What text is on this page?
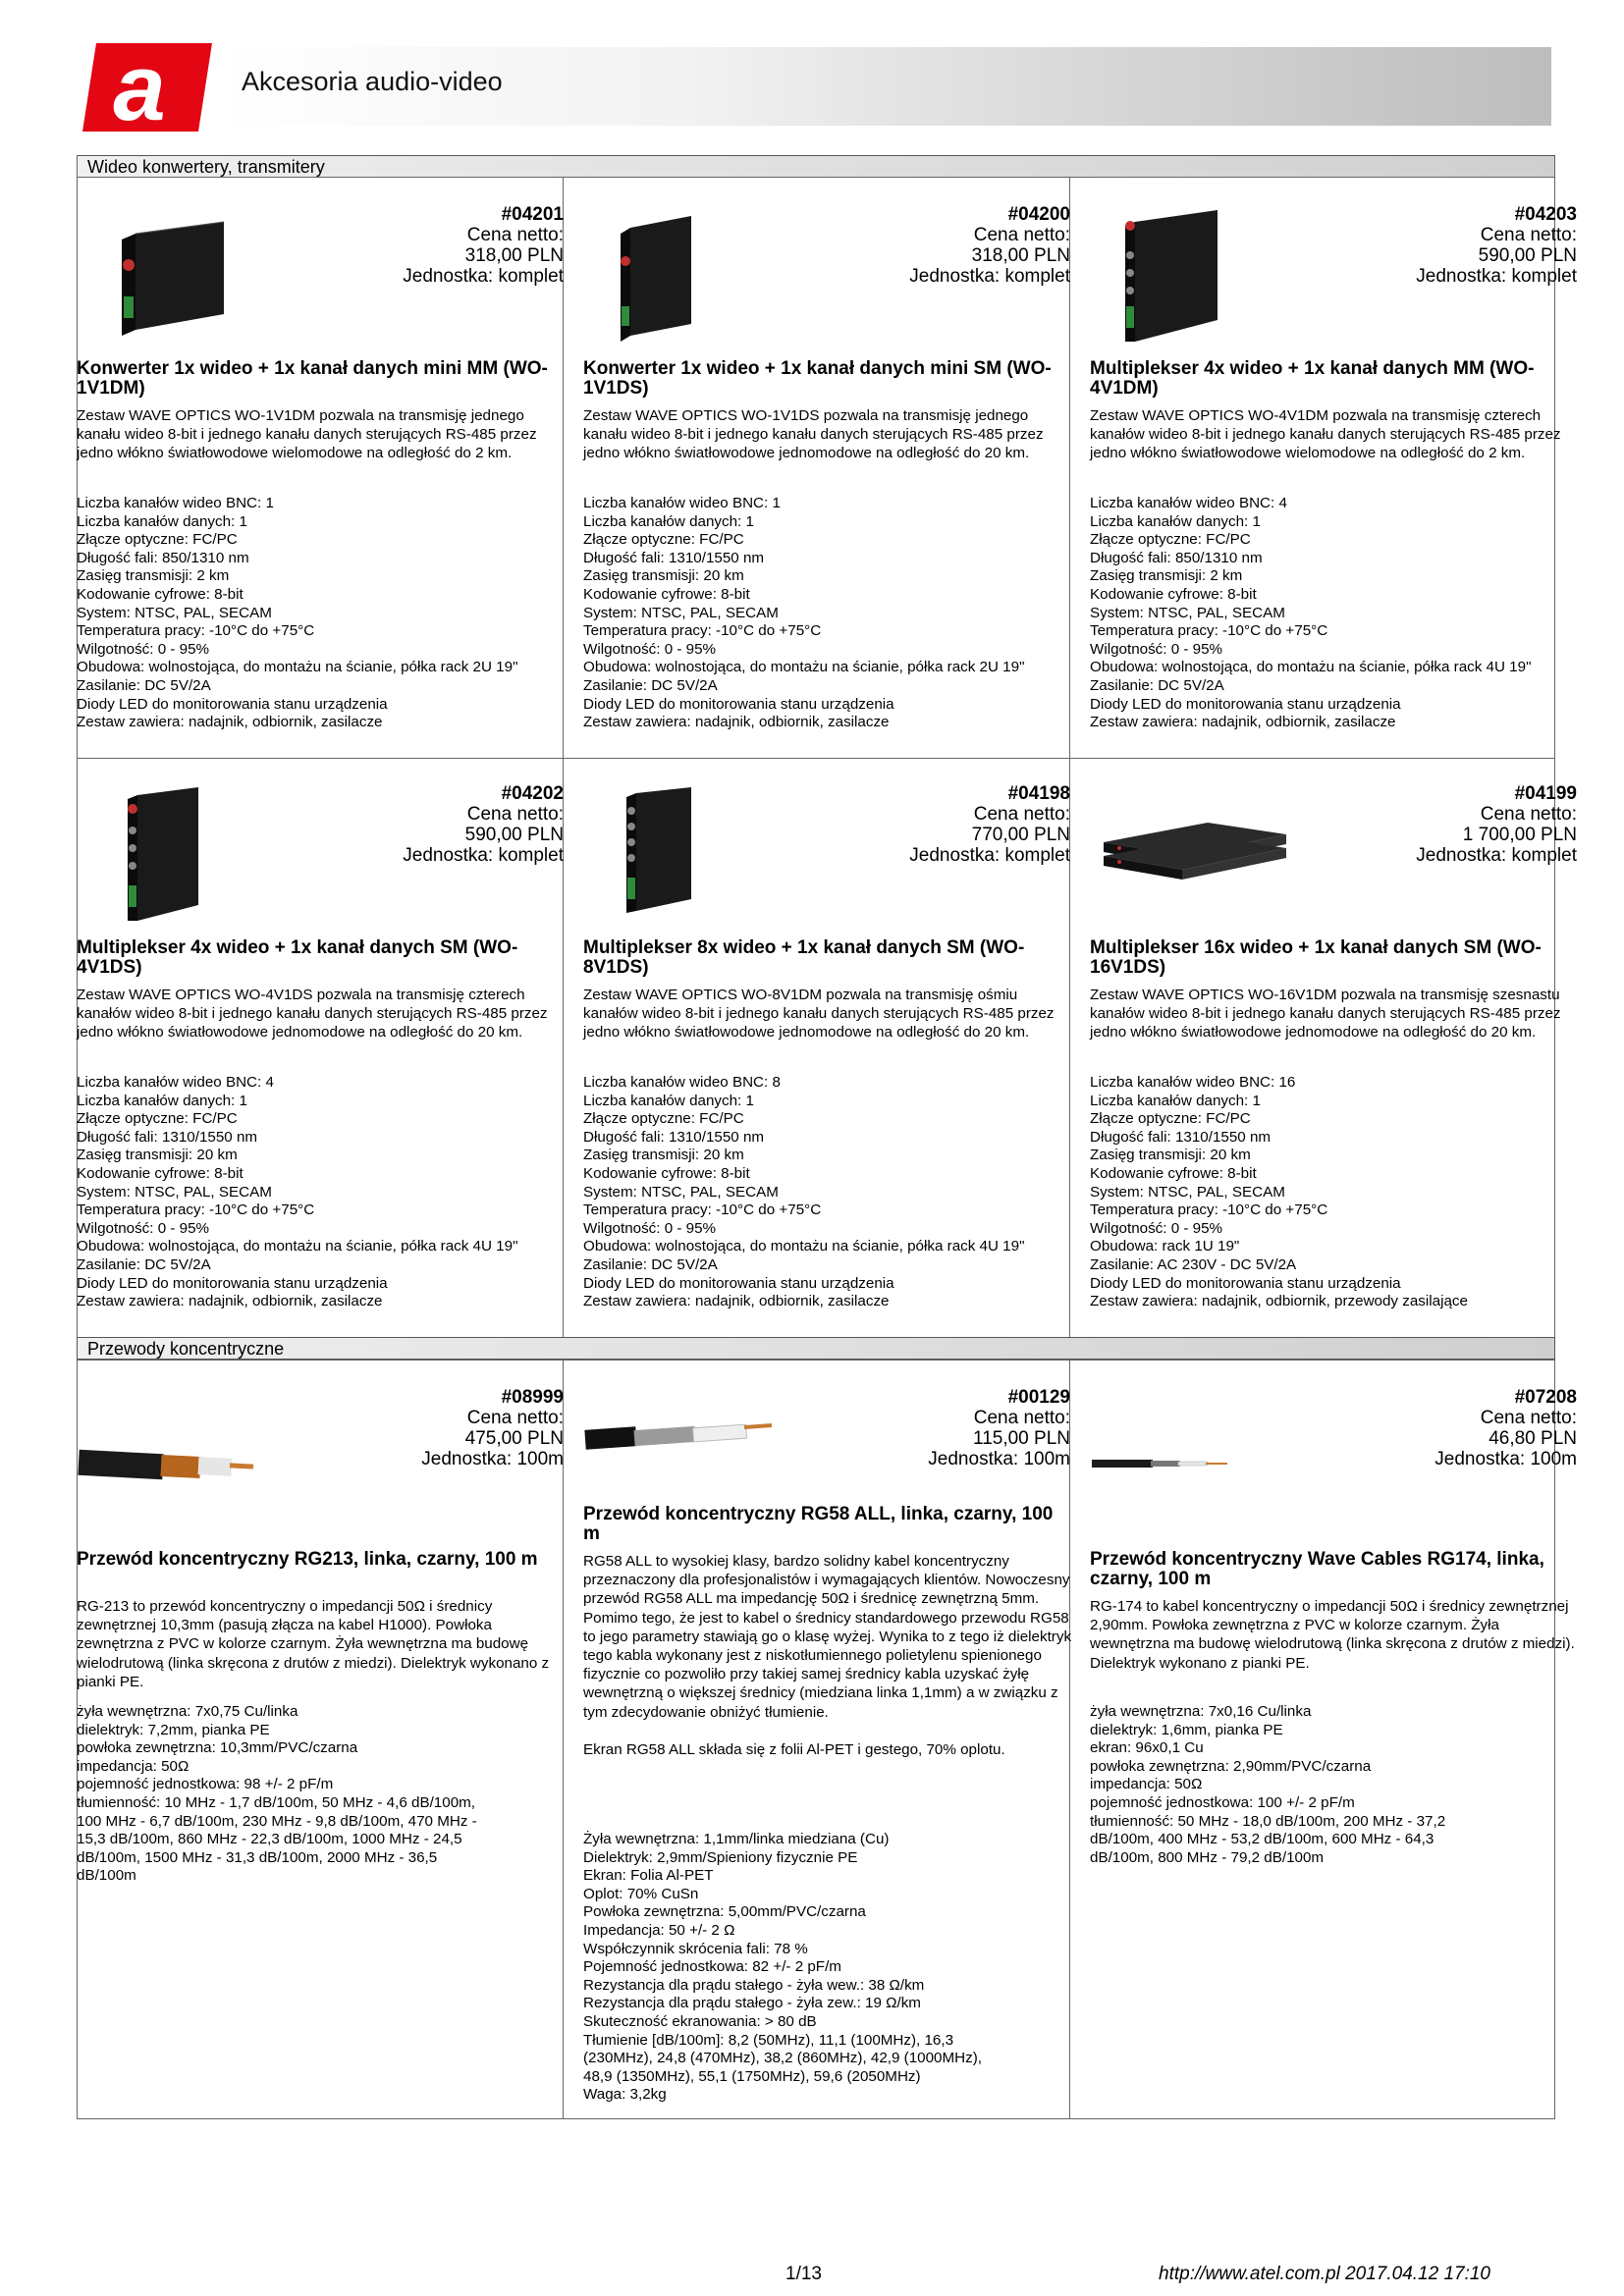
a	Akcesoria audio-video
Wideo konwertery, transmitery
Przewody koncentryczne
#04201
Cena netto:
318,00 PLN
Jednostka: komplet
Konwerter 1x wideo + 1x kanał danych mini MM (WO-1V1DM)

Zestaw WAVE OPTICS WO-1V1DM pozwala na transmisję jednego kanału wideo 8-bit i jednego kanału danych sterujących RS-485 przez jedno włókno światłowodowe wielomodowe na odległość do 2 km.

Liczba kanałów wideo BNC: 1
Liczba kanałów danych: 1
Złącze optyczne: FC/PC
Długość fali: 850/1310 nm
Zasięg transmisji: 2 km
Kodowanie cyfrowe: 8-bit
System: NTSC, PAL, SECAM
Temperatura pracy: -10°C do +75°C
Wilgotność: 0 - 95%
Obudowa: wolnostojąca, do montażu na ścianie, półka rack 2U 19"
Zasilanie: DC 5V/2A
Diody LED do monitorowania stanu urządzenia
Zestaw zawiera: nadajnik, odbiornik, zasilacze
#04200
Cena netto:
318,00 PLN
Jednostka: komplet
Konwerter 1x wideo + 1x kanał danych mini SM (WO-1V1DS)

Zestaw WAVE OPTICS WO-1V1DS pozwala na transmisję jednego kanału wideo 8-bit i jednego kanału danych sterujących RS-485 przez jedno włókno światłowodowe jednomodowe na odległość do 20 km.

Liczba kanałów wideo BNC: 1
Liczba kanałów danych: 1
Złącze optyczne: FC/PC
Długość fali: 1310/1550 nm
Zasięg transmisji: 20 km
Kodowanie cyfrowe: 8-bit
System: NTSC, PAL, SECAM
Temperatura pracy: -10°C do +75°C
Wilgotność: 0 - 95%
Obudowa: wolnostojąca, do montażu na ścianie, półka rack 2U 19"
Zasilanie: DC 5V/2A
Diody LED do monitorowania stanu urządzenia
Zestaw zawiera: nadajnik, odbiornik, zasilacze
#04203
Cena netto:
590,00 PLN
Jednostka: komplet
Multiplekser 4x wideo + 1x kanał danych MM (WO-4V1DM)

Zestaw WAVE OPTICS WO-4V1DM pozwala na transmisję czterech kanałów wideo 8-bit i jednego kanału danych sterujących RS-485 przez jedno włókno światłowodowe wielomodowe na odległość do 2 km.

Liczba kanałów wideo BNC: 4
Liczba kanałów danych: 1
Złącze optyczne: FC/PC
Długość fali: 850/1310 nm
Zasięg transmisji: 2 km
Kodowanie cyfrowe: 8-bit
System: NTSC, PAL, SECAM
Temperatura pracy: -10°C do +75°C
Wilgotność: 0 - 95%
Obudowa: wolnostojąca, do montażu na ścianie, półka rack 4U 19"
Zasilanie: DC 5V/2A
Diody LED do monitorowania stanu urządzenia
Zestaw zawiera: nadajnik, odbiornik, zasilacze
#04202
Cena netto:
590,00 PLN
Jednostka: komplet
Multiplekser 4x wideo + 1x kanał danych SM (WO-4V1DS)

Zestaw WAVE OPTICS WO-4V1DS pozwala na transmisję czterech kanałów wideo 8-bit i jednego kanału danych sterujących RS-485 przez jedno włókno światłowodowe jednomodowe na odległość do 20 km.

Liczba kanałów wideo BNC: 4
Liczba kanałów danych: 1
Złącze optyczne: FC/PC
Długość fali: 1310/1550 nm
Zasięg transmisji: 20 km
Kodowanie cyfrowe: 8-bit
System: NTSC, PAL, SECAM
Temperatura pracy: -10°C do +75°C
Wilgotność: 0 - 95%
Obudowa: wolnostojąca, do montażu na ścianie, półka rack 4U 19"
Zasilanie: DC 5V/2A
Diody LED do monitorowania stanu urządzenia
Zestaw zawiera: nadajnik, odbiornik, zasilacze
#04198
Cena netto:
770,00 PLN
Jednostka: komplet
Multiplekser 8x wideo + 1x kanał danych SM (WO-8V1DS)

Zestaw WAVE OPTICS WO-8V1DM pozwala na transmisję ośmiu kanałów wideo 8-bit i jednego kanału danych sterujących RS-485 przez jedno włókno światłowodowe jednomodowe na odległość do 20 km.

Liczba kanałów wideo BNC: 8
Liczba kanałów danych: 1
Złącze optyczne: FC/PC
Długość fali: 1310/1550 nm
Zasięg transmisji: 20 km
Kodowanie cyfrowe: 8-bit
System: NTSC, PAL, SECAM
Temperatura pracy: -10°C do +75°C
Wilgotność: 0 - 95%
Obudowa: wolnostojąca, do montażu na ścianie, półka rack 4U 19"
Zasilanie: DC 5V/2A
Diody LED do monitorowania stanu urządzenia
Zestaw zawiera: nadajnik, odbiornik, zasilacze
#04199
Cena netto:
1 700,00 PLN
Jednostka: komplet
Multiplekser 16x wideo + 1x kanał danych SM (WO-16V1DS)

Zestaw WAVE OPTICS WO-16V1DM pozwala na transmisję szesnastu kanałów wideo 8-bit i jednego kanału danych sterujących RS-485 przez jedno włókno światłowodowe jednomodowe na odległość do 20 km.

Liczba kanałów wideo BNC: 16
Liczba kanałów danych: 1
Złącze optyczne: FC/PC
Długość fali: 1310/1550 nm
Zasięg transmisji: 20 km
Kodowanie cyfrowe: 8-bit
System: NTSC, PAL, SECAM
Temperatura pracy: -10°C do +75°C
Wilgotność: 0 - 95%
Obudowa: rack 1U 19"
Zasilanie: AC 230V - DC 5V/2A
Diody LED do monitorowania stanu urządzenia
Zestaw zawiera: nadajnik, odbiornik, przewody zasilające
#08999
Cena netto:
475,00 PLN
Jednostka: 100m
Przewód koncentryczny RG213, linka, czarny, 100 m

RG-213 to przewód koncentryczny o impedancji 50Ω i średnicy zewnętrznej 10,3mm (pasują złącza na kabel H1000). Powłoka zewnętrzna z PVC w kolorze czarnym. Żyła wewnętrzna ma budowę wielodrutową (linka skręcona z drutów z miedzi). Dielektryk wykonano z pianki PE.

żyła wewnętrzna: 7x0,75 Cu/linka
dielektryk: 7,2mm, pianka PE
powłoka zewnętrzna: 10,3mm/PVC/czarna
impedancja: 50Ω
pojemność jednostkowa: 98 +/- 2 pF/m
tłumienność: 10 MHz - 1,7 dB/100m, 50 MHz - 4,6 dB/100m,
100 MHz - 6,7 dB/100m, 230 MHz - 9,8 dB/100m, 470 MHz -
15,3 dB/100m, 860 MHz - 22,3 dB/100m, 1000 MHz - 24,5
dB/100m, 1500 MHz - 31,3 dB/100m, 2000 MHz - 36,5
dB/100m
#00129
Cena netto:
115,00 PLN
Jednostka: 100m
Przewód koncentryczny RG58 ALL, linka, czarny, 100 m

RG58 ALL to wysokiej klasy, bardzo solidny kabel koncentryczny przeznaczony dla profesjonalistów i wymagających klientów. Nowoczesny przewód RG58 ALL ma impedancję 50Ω i średnicę zewnętrzną 5mm. Pomimo tego, że jest to kabel o średnicy standardowego przewodu RG58 to jego parametry stawiają go o klasę wyżej. Wynika to z tego iż dielektryk tego kabla wykonany jest z niskotłumiennego polietylenu spienionego fizycznie co pozwoliło przy takiej samej średnicy kabla uzyskać żyłę wewnętrzną o większej średnicy (miedziana linka 1,1mm) a w związku z tym zdecydowanie obniżyć tłumienie.

Ekran RG58 ALL składa się z folii Al-PET i gestego, 70% oplotu.

Żyła wewnętrzna: 1,1mm/linka miedziana (Cu)
Dielektryk: 2,9mm/Spieniony fizycznie PE
Ekran: Folia Al-PET
Oplot: 70% CuSn
Powłoka zewnętrzna: 5,00mm/PVC/czarna
Impedancja: 50 +/- 2 Ω
Współczynnik skrócenia fali: 78 %
Pojemność jednostkowa: 82 +/- 2 pF/m
Rezystancja dla prądu stałego - żyła wew.: 38 Ω/km
Rezystancja dla prądu stałego - żyła zew.: 19 Ω/km
Skuteczność ekranowania: > 80 dB
Tłumienie [dB/100m]: 8,2 (50MHz), 11,1 (100MHz), 16,3
(230MHz), 24,8 (470MHz), 38,2 (860MHz), 42,9 (1000MHz),
48,9 (1350MHz), 55,1 (1750MHz), 59,6 (2050MHz)
Waga: 3,2kg
#07208
Cena netto:
46,80 PLN
Jednostka: 100m
Przewód koncentryczny Wave Cables RG174, linka, czarny, 100 m

RG-174 to kabel koncentryczny o impedancji 50Ω i średnicy zewnętrznej 2,90mm. Powłoka zewnętrzna z PVC w kolorze czarnym. Żyła wewnętrzna ma budowę wielodrutową (linka skręcona z drutów z miedzi). Dielektryk wykonano z pianki PE.

żyła wewnętrzna: 7x0,16 Cu/linka
dielektryk: 1,6mm, pianka PE
ekran: 96x0,1 Cu
powłoka zewnętrzna: 2,90mm/PVC/czarna
impedancja: 50Ω
pojemność jednostkowa: 100 +/- 2 pF/m
tłumienność: 50 MHz - 18,0 dB/100m, 200 MHz - 37,2
dB/100m, 400 MHz - 53,2 dB/100m, 600 MHz - 64,3
dB/100m, 800 MHz - 79,2 dB/100m
1/13	http://www.atel.com.pl 2017.04.12 17:10
